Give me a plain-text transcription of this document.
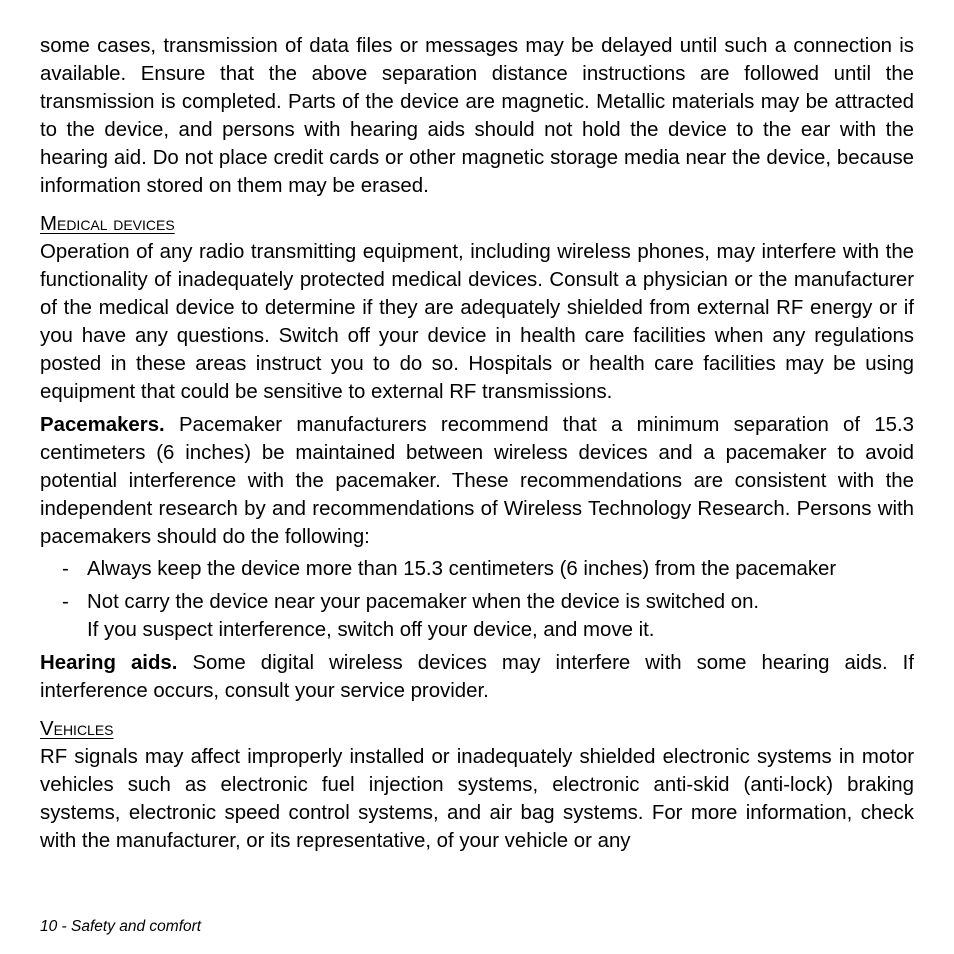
some cases, transmission of data files or messages may be delayed until such a connection is available. Ensure that the above separation distance instructions are followed until the transmission is completed. Parts of the device are magnetic. Metallic materials may be attracted to the device, and persons with hearing aids should not hold the device to the ear with the hearing aid. Do not place credit cards or other magnetic storage media near the device, because information stored on them may be erased.

Medical devices

Operation of any radio transmitting equipment, including wireless phones, may interfere with the functionality of inadequately protected medical devices. Consult a physician or the manufacturer of the medical device to determine if they are adequately shielded from external RF energy or if you have any questions. Switch off your device in health care facilities when any regulations posted in these areas instruct you to do so. Hospitals or health care facilities may be using equipment that could be sensitive to external RF transmissions.

Pacemakers. Pacemaker manufacturers recommend that a minimum separation of 15.3 centimeters (6 inches) be maintained between wireless devices and a pacemaker to avoid potential interference with the pacemaker. These recommendations are consistent with the independent research by and recommendations of Wireless Technology Research. Persons with pacemakers should do the following:

- Always keep the device more than 15.3 centimeters (6 inches) from the pacemaker
- Not carry the device near your pacemaker when the device is switched on.
If you suspect interference, switch off your device, and move it.

Hearing aids. Some digital wireless devices may interfere with some hearing aids. If interference occurs, consult your service provider.

Vehicles

RF signals may affect improperly installed or inadequately shielded electronic systems in motor vehicles such as electronic fuel injection systems, electronic anti-skid (anti-lock) braking systems, electronic speed control systems, and air bag systems. For more information, check with the manufacturer, or its representative, of your vehicle or any

10 - Safety and comfort
